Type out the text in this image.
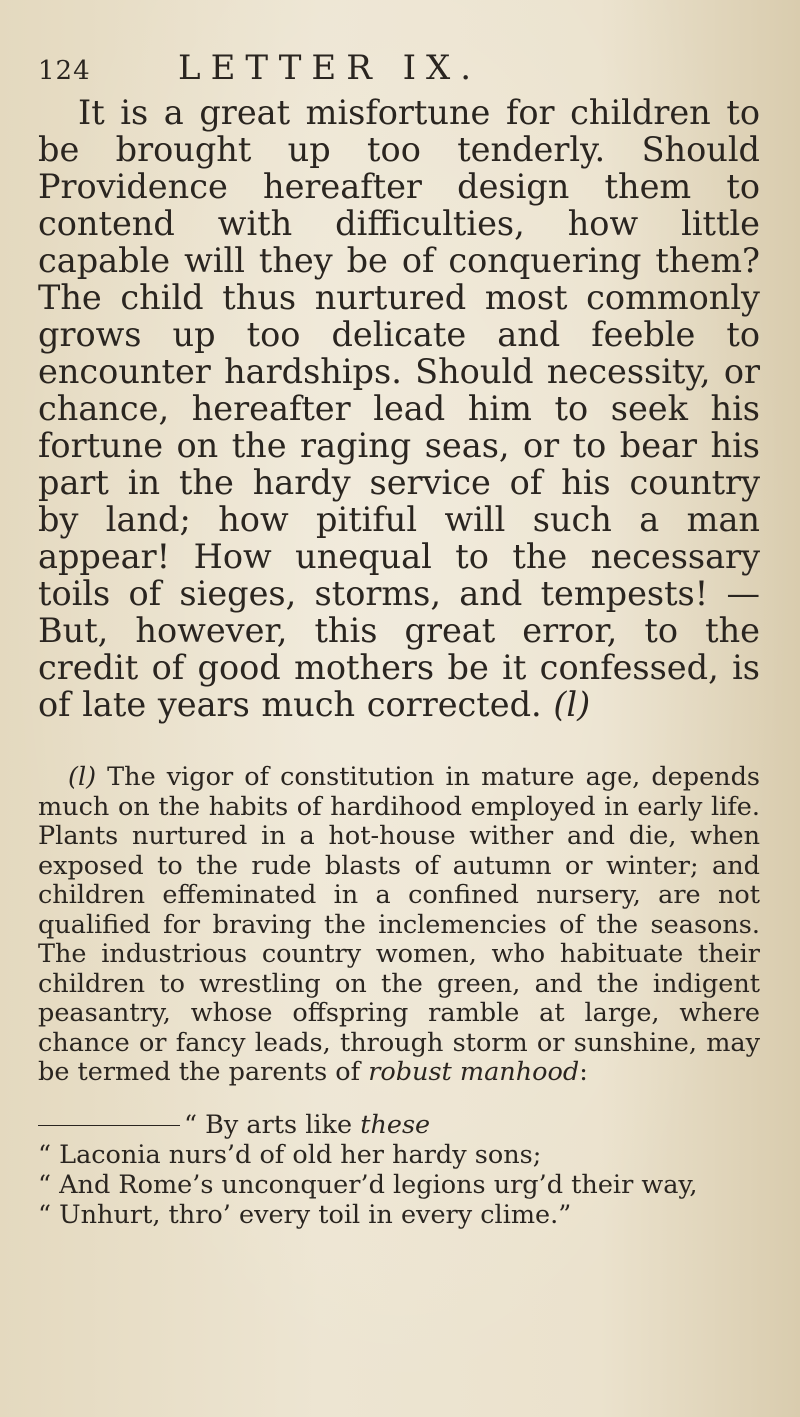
124	LETTER IX.

It is a great misfortune for children to be brought up too tenderly. Should Providence hereafter design them to contend with difficulties, how little capable will they be of conquering them? The child thus nurtured most commonly grows up too delicate and feeble to encounter hardships. Should necessity, or chance, hereafter lead him to seek his fortune on the raging seas, or to bear his part in the hardy service of his country by land; how pitiful will such a man appear! How unequal to the necessary toils of sieges, storms, and tempests! —But, however, this great error, to the credit of good mothers be it confessed, is of late years much corrected. (l)

(l) The vigor of constitution in mature age, depends much on the habits of hardihood employed in early life. Plants nurtured in a hot-house wither and die, when exposed to the rude blasts of autumn or winter; and children effeminated in a confined nursery, are not qualified for braving the inclemencies of the seasons. The industrious country women, who habituate their children to wrestling on the green, and the indigent peasantry, whose offspring ramble at large, where chance or fancy leads, through storm or sunshine, may be termed the parents of robust manhood:

“ By arts like these
“ Laconia nurs’d of old her hardy sons;
“ And Rome’s unconquer’d legions urg’d their way,
“ Unhurt, thro’ every toil in every clime.”
